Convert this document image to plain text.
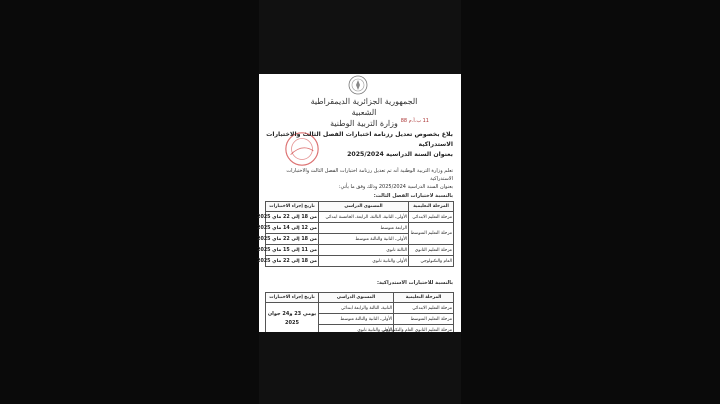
الجمهورية الجزائرية الديمقراطية الشعبية
وزارة التربية الوطنية 11 ب.أ.م 88
بلاغ بخصوص تعديل رزنامة اختبارات الفصل الثالث والاختبارات الاستدراكية
بعنوان السنة الدراسية 2025/2024
تعلم وزارة التربية الوطنية أنه تم تعديل رزنامة اختبارات الفصل الثالث والاختبارات الاستدراكية
بعنوان السنة الدراسية 2025/2024 وذلك وفق ما يأتي:
بالنسبة لاختبارات الفصل الثالث:
المرحلة التعليمية	المستوى الدراسي	تاريخ إجراء الاختبارات
مرحلة التعليم الابتدائي	الأولى، الثانية، الثالثة، الرابعة، الخامسة ابتدائي	من 18 إلى 22 ماي 2025
مرحلة التعليم المتوسط	الرابعة متوسط	من 12 إلى 14 ماي 2025
	الأولى، الثانية والثالثة متوسط	من 18 إلى 22 ماي 2025
مرحلة التعليم الثانوي	الثالثة ثانوي	من 11 إلى 15 ماي 2025
العام والتكنولوجي	الأولى والثانية ثانوي	من 18 إلى 22 ماي 2025
بالنسبة للاختبارات الاستدراكية:
المرحلة التعليمية	المستوى الدراسي	تاريخ إجراء الاختبارات
مرحلة التعليم الابتدائي	الثانية، الثالثة والرابعة ابتدائي	يومي 23 و24 جوان 2025
مرحلة التعليم المتوسط	الأولى، الثانية والثالثة متوسط	
مرحلة التعليم الثانوي العام والتكنولوجي	الأولى والثانية ثانوي	
